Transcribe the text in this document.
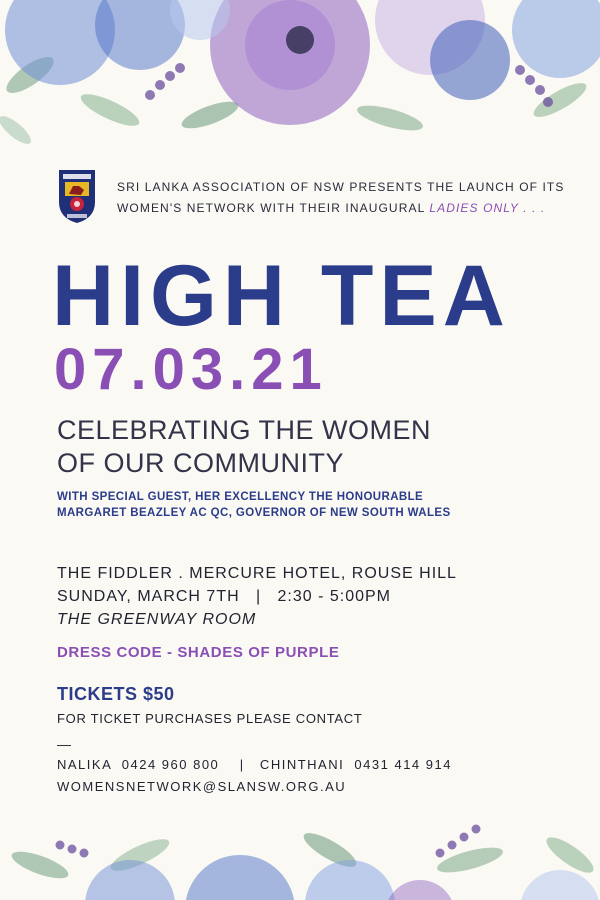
SRI LANKA ASSOCIATION OF NSW PRESENTS THE LAUNCH OF ITS
WOMEN'S NETWORK WITH THEIR INAUGURAL LADIES ONLY . . .
HIGH TEA
07.03.21
CELEBRATING THE WOMEN
OF OUR COMMUNITY
WITH SPECIAL GUEST, HER EXCELLENCY THE HONOURABLE
MARGARET BEAZLEY AC QC, GOVERNOR OF NEW SOUTH WALES
THE FIDDLER . MERCURE HOTEL, ROUSE HILL
SUNDAY, MARCH 7TH   |   2:30 - 5:00PM
THE GREENWAY ROOM
DRESS CODE - SHADES OF PURPLE
TICKETS $50
FOR TICKET PURCHASES PLEASE CONTACT
—
NALIKA  0424 960 800    |   CHINTHANI  0431 414 914
WOMENSNETWORK@SLANSW.ORG.AU
